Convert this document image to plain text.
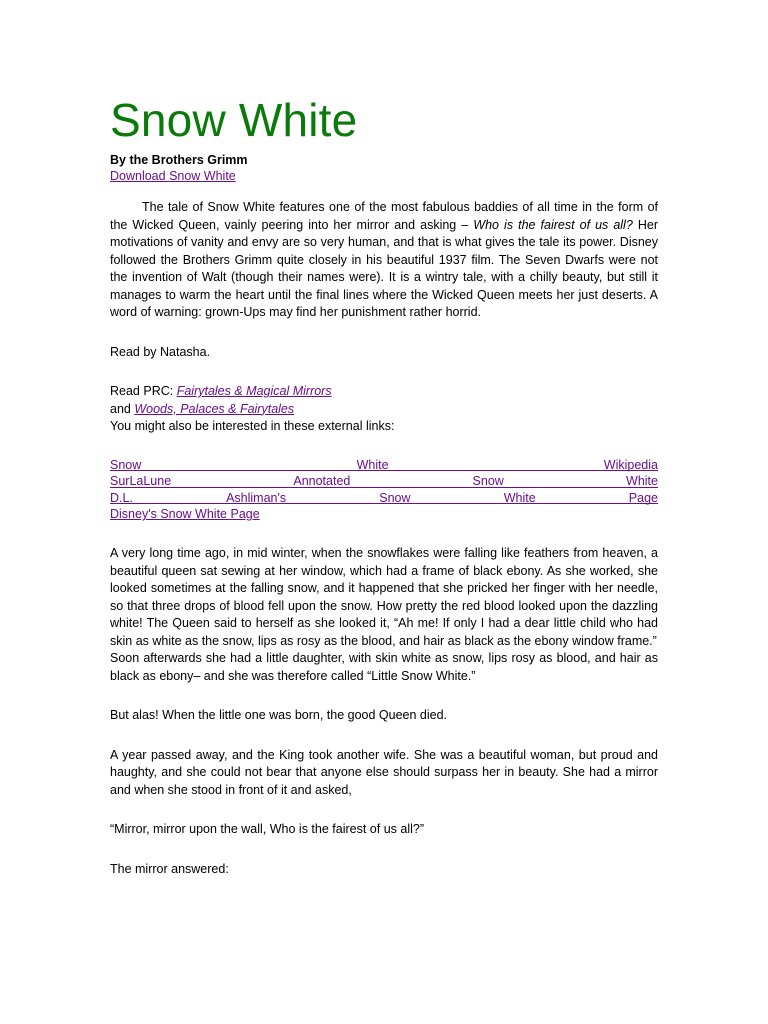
Snow White
By the Brothers Grimm
Download Snow White

The tale of Snow White features one of the most fabulous baddies of all time in the form of the Wicked Queen, vainly peering into her mirror and asking – Who is the fairest of us all? Her motivations of vanity and envy are so very human, and that is what gives the tale its power. Disney followed the Brothers Grimm quite closely in his beautiful 1937 film. The Seven Dwarfs were not the invention of Walt (though their names were). It is a wintry tale, with a chilly beauty, but still it manages to warm the heart until the final lines where the Wicked Queen meets her just deserts. A word of warning: grown-Ups may find her punishment rather horrid.

Read by Natasha.

Read PRC: Fairytales & Magical Mirrors

and Woods, Palaces & Fairytales

You might also be interested in these external links:

Snow	White	Wikipedia
SurLaLune	Annotated	Snow	White
D.L.	Ashliman's	Snow	White	Page
Disney's Snow White Page

A very long time ago, in mid winter, when the snowflakes were falling like feathers from heaven, a beautiful queen sat sewing at her window, which had a frame of black ebony. As she worked, she looked sometimes at the falling snow, and it happened that she pricked her finger with her needle, so that three drops of blood fell upon the snow. How pretty the red blood looked upon the dazzling white! The Queen said to herself as she looked it, “Ah me! If only I had a dear little child who had skin as white as the snow, lips as rosy as the blood, and hair as black as the ebony window frame.”

Soon afterwards she had a little daughter, with skin white as snow, lips rosy as blood, and hair as black as ebony– and she was therefore called “Little Snow White.”

But alas! When the little one was born, the good Queen died.

A year passed away, and the King took another wife. She was a beautiful woman, but proud and haughty, and she could not bear that anyone else should surpass her in beauty. She had a mirror and when she stood in front of it and asked,

“Mirror, mirror upon the wall, Who is the fairest of us all?”

The mirror answered:
